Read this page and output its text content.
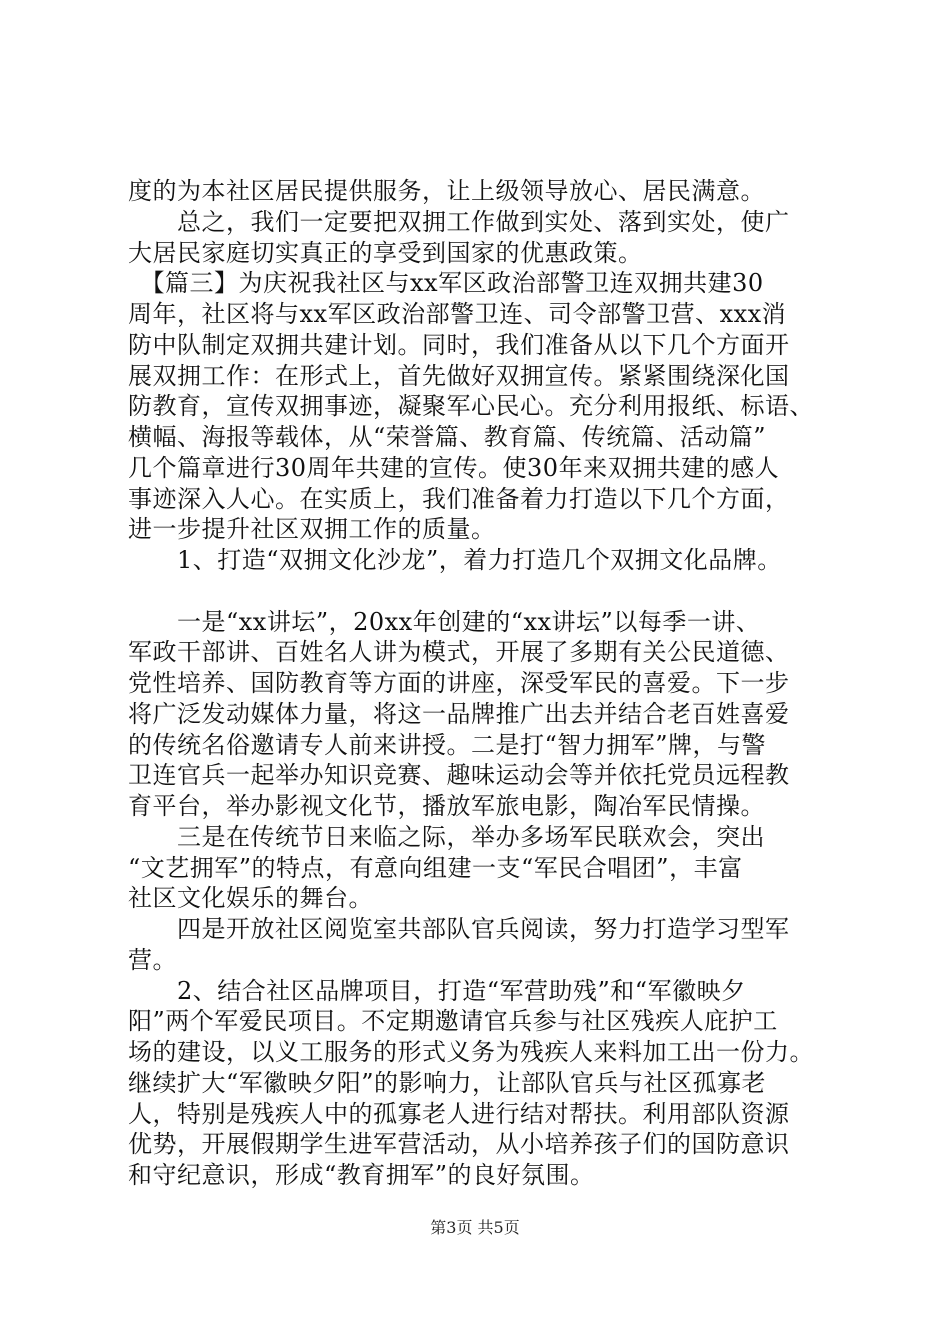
度的为本社区居民提供服务，让上级领导放心、居民满意。
　　总之，我们一定要把双拥工作做到实处、落到实处，使广
大居民家庭切实真正的享受到国家的优惠政策。
　【篇三】为庆祝我社区与xx军区政治部警卫连双拥共建30
周年，社区将与xx军区政治部警卫连、司令部警卫营、xxx消
防中队制定双拥共建计划。同时，我们准备从以下几个方面开
展双拥工作：在形式上，首先做好双拥宣传。紧紧围绕深化国
防教育，宣传双拥事迹，凝聚军心民心。充分利用报纸、标语、
横幅、海报等载体，从“荣誉篇、教育篇、传统篇、活动篇”
几个篇章进行30周年共建的宣传。使30年来双拥共建的感人
事迹深入人心。在实质上，我们准备着力打造以下几个方面，
进一步提升社区双拥工作的质量。
　　1、打造“双拥文化沙龙”，着力打造几个双拥文化品牌。
　　一是“xx讲坛”，20xx年创建的“xx讲坛”以每季一讲、
军政干部讲、百姓名人讲为模式，开展了多期有关公民道德、
党性培养、国防教育等方面的讲座，深受军民的喜爱。下一步
将广泛发动媒体力量，将这一品牌推广出去并结合老百姓喜爱
的传统名俗邀请专人前来讲授。二是打“智力拥军”牌，与警
卫连官兵一起举办知识竞赛、趣味运动会等并依托党员远程教
育平台，举办影视文化节，播放军旅电影，陶冶军民情操。
　　三是在传统节日来临之际，举办多场军民联欢会，突出
“文艺拥军”的特点，有意向组建一支“军民合唱团”，丰富
社区文化娱乐的舞台。
　　四是开放社区阅览室共部队官兵阅读，努力打造学习型军
营。
　　2、结合社区品牌项目，打造“军营助残”和“军徽映夕
阳”两个军爱民项目。不定期邀请官兵参与社区残疾人庇护工
场的建设，以义工服务的形式义务为残疾人来料加工出一份力。
继续扩大“军徽映夕阳”的影响力，让部队官兵与社区孤寡老
人，特别是残疾人中的孤寡老人进行结对帮扶。利用部队资源
优势，开展假期学生进军营活动，从小培养孩子们的国防意识
和守纪意识，形成“教育拥军”的良好氛围。
第3页 共5页
